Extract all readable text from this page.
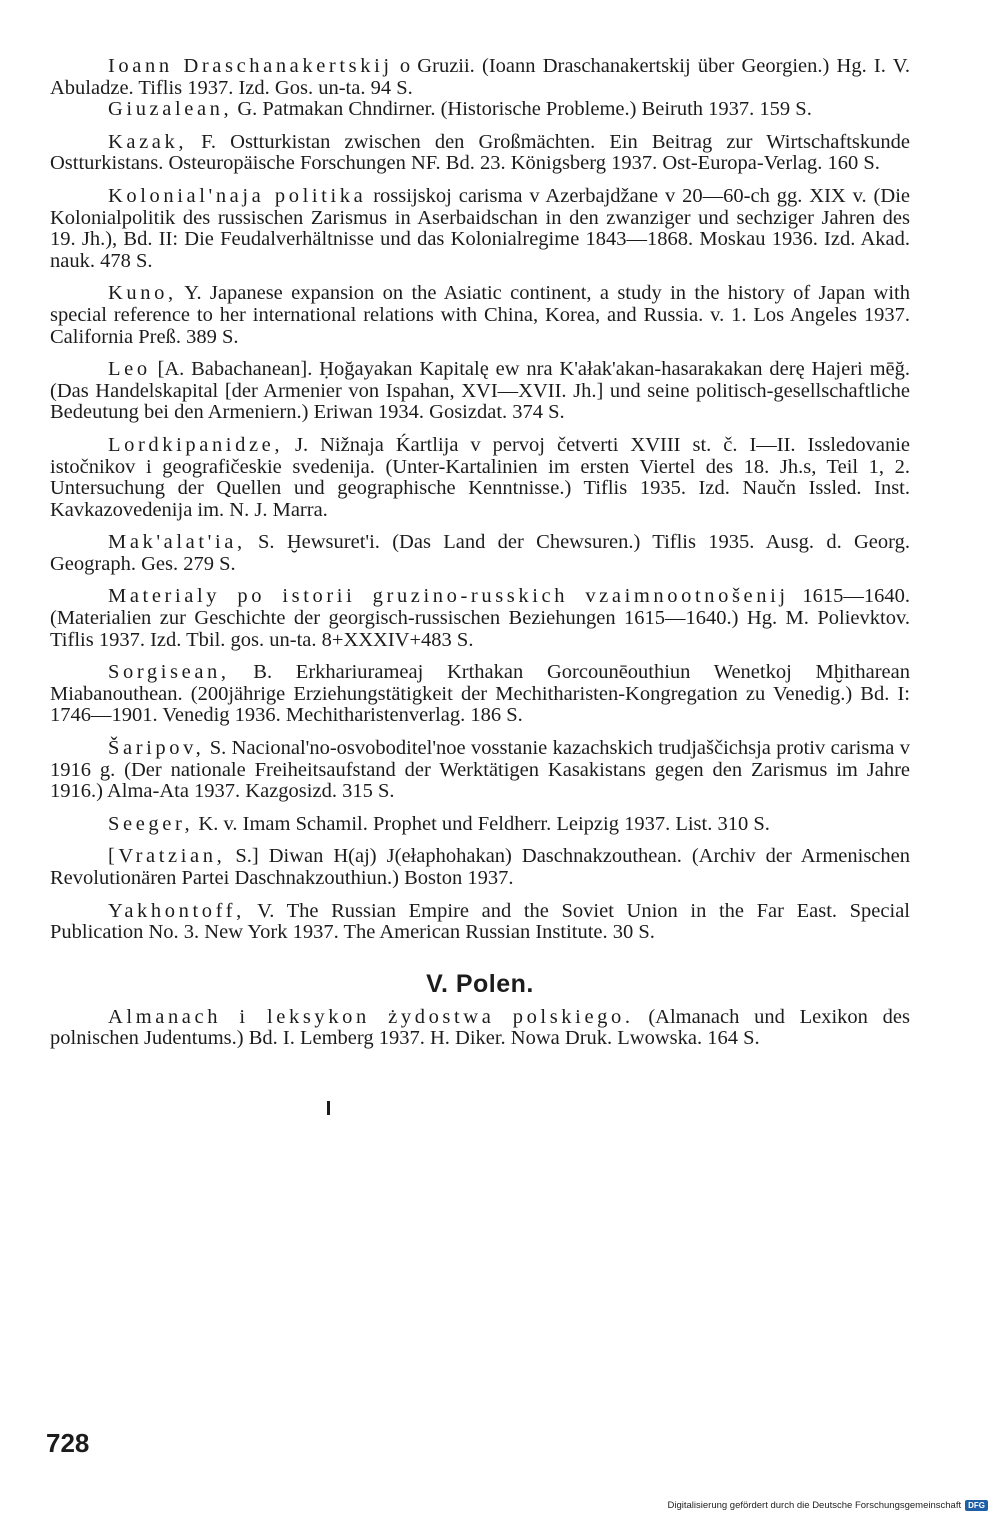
Ioann Draschanakertskij o Gruzii. (Ioann Draschanakertskij über Georgien.) Hg. I. V. Abuladze. Tiflis 1937. Izd. Gos. un-ta. 94 S.

Giuzalean, G. Patmakan Chndirner. (Historische Probleme.) Beiruth 1937. 159 S.

Kazak, F. Ostturkistan zwischen den Großmächten. Ein Beitrag zur Wirtschaftskunde Ostturkistans. Osteuropäische Forschungen NF. Bd. 23. Königsberg 1937. Ost-Europa-Verlag. 160 S.

Kolonial'naja politika rossijskoj carisma v Azerbajdžane v 20—60-ch gg. XIX v. (Die Kolonialpolitik des russischen Zarismus in Aserbaidschan in den zwanziger und sechziger Jahren des 19. Jh.), Bd. II: Die Feudalverhältnisse und das Kolonialregime 1843—1868. Moskau 1936. Izd. Akad. nauk. 478 S.

Kuno, Y. Japanese expansion on the Asiatic continent, a study in the history of Japan with special reference to her international relations with China, Korea, and Russia. v. 1. Los Angeles 1937. California Preß. 389 S.

Leo [A. Babachanean]. Ḥoğayakan Kapitalę ew nra K'ałak'akan-hasarakakan derę Hajeri mēğ. (Das Handelskapital [der Armenier von Ispahan, XVI—XVII. Jh.] und seine politisch-gesellschaftliche Bedeutung bei den Armeniern.) Eriwan 1934. Gosizdat. 374 S.

Lordkipanidze, J. Nižnaja Ḱartlija v pervoj četverti XVIII st. č. I—II. Issledovanie istočnikov i geografičeskie svedenija. (Unter-Kartalinien im ersten Viertel des 18. Jh.s, Teil 1, 2. Untersuchung der Quellen und geographische Kenntnisse.) Tiflis 1935. Izd. Naučn Issled. Inst. Kavkazovedenija im. N. J. Marra.

Mak'alat'ia, S. Ḫewsuret'i. (Das Land der Chewsuren.) Tiflis 1935. Ausg. d. Georg. Geograph. Ges. 279 S.

Materialy po istorii gruzino-russkich vzaimnootnošenij 1615—1640. (Materialien zur Geschichte der georgisch-russischen Beziehungen 1615—1640.) Hg. M. Polievktov. Tiflis 1937. Izd. Tbil. gos. un-ta. 8+XXXIV+483 S.

Sorgisean, B. Erkhariurameaj Krthakan Gorcounēouthiun Wenetkoj Mḫitharean Miabanouthean. (200jährige Erziehungstätigkeit der Mechitharisten-Kongregation zu Venedig.) Bd. I: 1746—1901. Venedig 1936. Mechitharistenverlag. 186 S.

Šaripov, S. Nacional'no-osvoboditel'noe vosstanie kazachskich trudjaščichsja protiv carisma v 1916 g. (Der nationale Freiheitsaufstand der Werktätigen Kasakistans gegen den Zarismus im Jahre 1916.) Alma-Ata 1937. Kazgosizd. 315 S.

Seeger, K. v. Imam Schamil. Prophet und Feldherr. Leipzig 1937. List. 310 S.

[Vratzian, S.] Diwan H(aj) J(ełaphohakan) Daschnakzouthean. (Archiv der Armenischen Revolutionären Partei Daschnakzouthiun.) Boston 1937.

Yakhontoff, V. The Russian Empire and the Soviet Union in the Far East. Special Publication No. 3. New York 1937. The American Russian Institute. 30 S.

V. Polen.

Almanach i leksykon żydostwa polskiego. (Almanach und Lexikon des polnischen Judentums.) Bd. I. Lemberg 1937. H. Diker. Nowa Druk. Lwowska. 164 S.

728
Digitalisierung gefördert durch die Deutsche Forschungsgemeinschaft DFG
